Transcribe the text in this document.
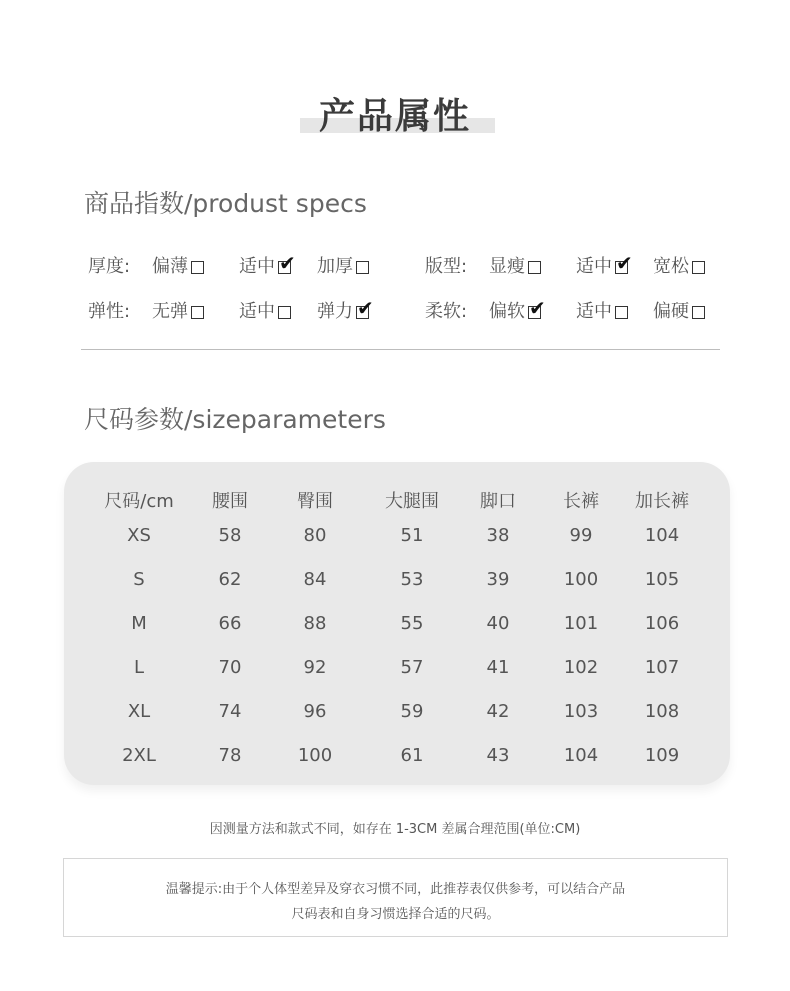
产品属性
商品指数/produst specs
厚度: 偏薄	适中 ✔ 加厚	版型: 显瘦	适中 ✔ 宽松
弹性: 无弹	适中	弹力 ✔	柔软: 偏软 ✔ 适中	偏硬
尺码参数/sizeparameters
尺码/cm	腰围	臀围	大腿围	脚口	长裤	加长裤
XS	58	80	51	38	99	104
S	62	84	53	39	100	105
M	66	88	55	40	101	106
L	70	92	57	41	102	107
XL	74	96	59	42	103	108
2XL	78	100	61	43	104	109
因测量方法和款式不同，如存在 1-3CM 差属合理范围(单位:CM)
温馨提示:由于个人体型差异及穿衣习惯不同，此推荐表仅供参考，可以结合产品
尺码表和自身习惯选择合适的尺码。
